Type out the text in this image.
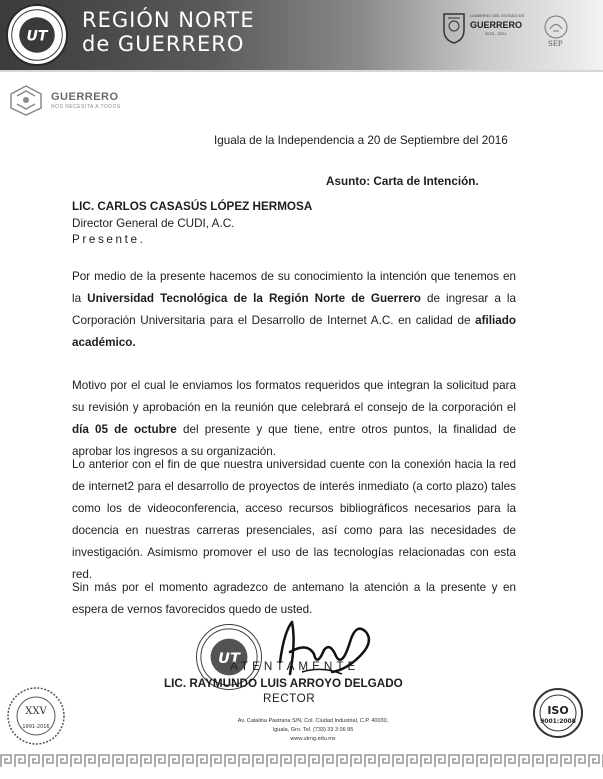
UT
REGIÓN NORTE
de GUERRERO
GOBIERNO DEL ESTADO DE
GUERRERO
2015 - 2021
SEP
GUERRERO
NOS NECESITA A TODOS
Iguala de la Independencia a 20 de Septiembre del 2016
Asunto: Carta de Intención.
LIC. CARLOS CASASÚS LÓPEZ HERMOSA
Director General de CUDI, A.C.
Presente.
Por medio de la presente hacemos de su conocimiento la intención que tenemos en la Universidad Tecnológica de la Región Norte de Guerrero de ingresar a la Corporación Universitaria para el Desarrollo de Internet A.C. en calidad de afiliado académico.
Motivo por el cual le enviamos los formatos requeridos que integran la solicitud para su revisión y aprobación en la reunión que celebrará el consejo de la corporación el día 05 de octubre del presente y que tiene, entre otros puntos, la finalidad de aprobar los ingresos a su organización.
Lo anterior con el fin de que nuestra universidad cuente con la conexión hacia la red de internet2 para el desarrollo de proyectos de interés inmediato (a corto plazo) tales como los de videoconferencia, acceso recursos bibliográficos necesarios para la docencia en nuestras carreras presenciales, así como para las necesidades de investigación. Asimismo promover el uso de las tecnologías relacionadas con esta red.
Sin más por el momento agradezco de antemano la atención a la presente y en espera de vernos favorecidos quedo de usted.
UT
ATENTAMENTE
LIC. RAYMUNDO LUIS ARROYO DELGADO
RECTOR
XXV
1991-2016
Av. Catalina Pastrana S/N, Col. Ciudad Industrial, C.P. 40030,
Iguala, Gro. Tel. (733) 33 3 06 95
www.utrng.edu.mx
ISO
9001:2008
